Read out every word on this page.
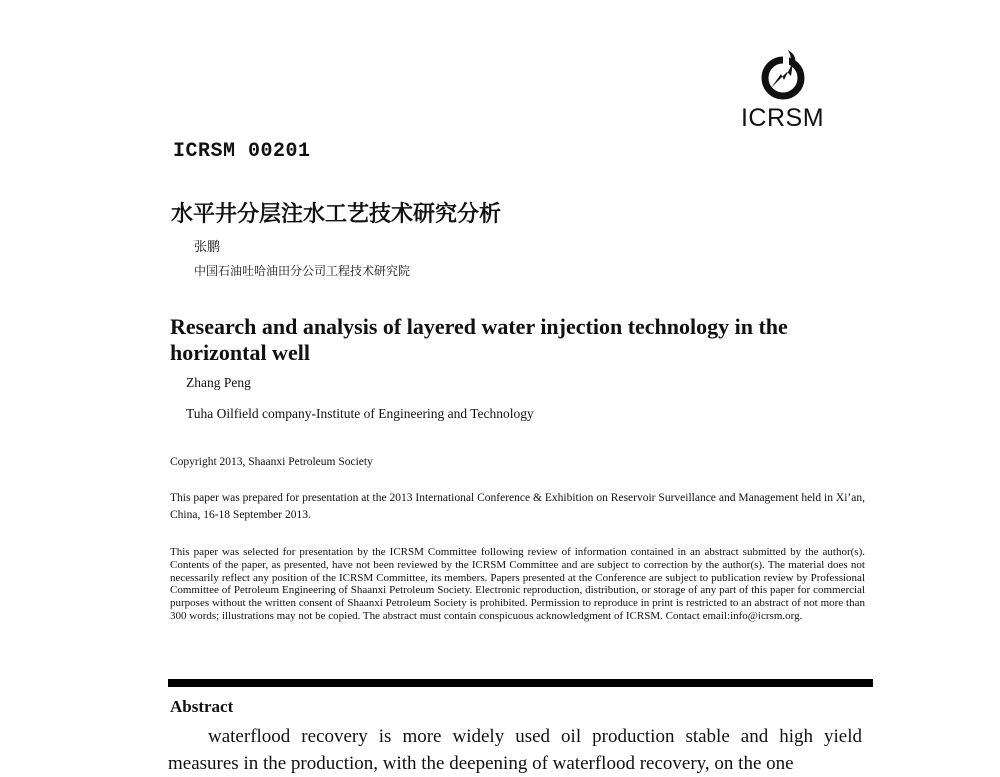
ICRSM
ICRSM 00201
水平井分层注水工艺技术研究分析
张鹏
中国石油吐哈油田分公司工程技术研究院
Research and analysis of layered water injection technology in the horizontal well
Zhang Peng
Tuha Oilfield company-Institute of Engineering and Technology
Copyright 2013, Shaanxi Petroleum Society
This paper was prepared for presentation at the 2013 International Conference & Exhibition on Reservoir Surveillance and Management held in Xi’an, China, 16-18 September 2013.
This paper was selected for presentation by the ICRSM Committee following review of information contained in an abstract submitted by the author(s). Contents of the paper, as presented, have not been reviewed by the ICRSM Committee and are subject to correction by the author(s). The material does not necessarily reflect any position of the ICRSM Committee, its members. Papers presented at the Conference are subject to publication review by Professional Committee of Petroleum Engineering of Shaanxi Petroleum Society. Electronic reproduction, distribution, or storage of any part of this paper for commercial purposes without the written consent of Shaanxi Petroleum Society is prohibited. Permission to reproduce in print is restricted to an abstract of not more than 300 words; illustrations may not be copied. The abstract must contain conspicuous acknowledgment of ICRSM. Contact email:info@icrsm.org.
Abstract
waterflood recovery is more widely used oil production stable and high yield measures in the production, with the deepening of waterflood recovery, on the one
